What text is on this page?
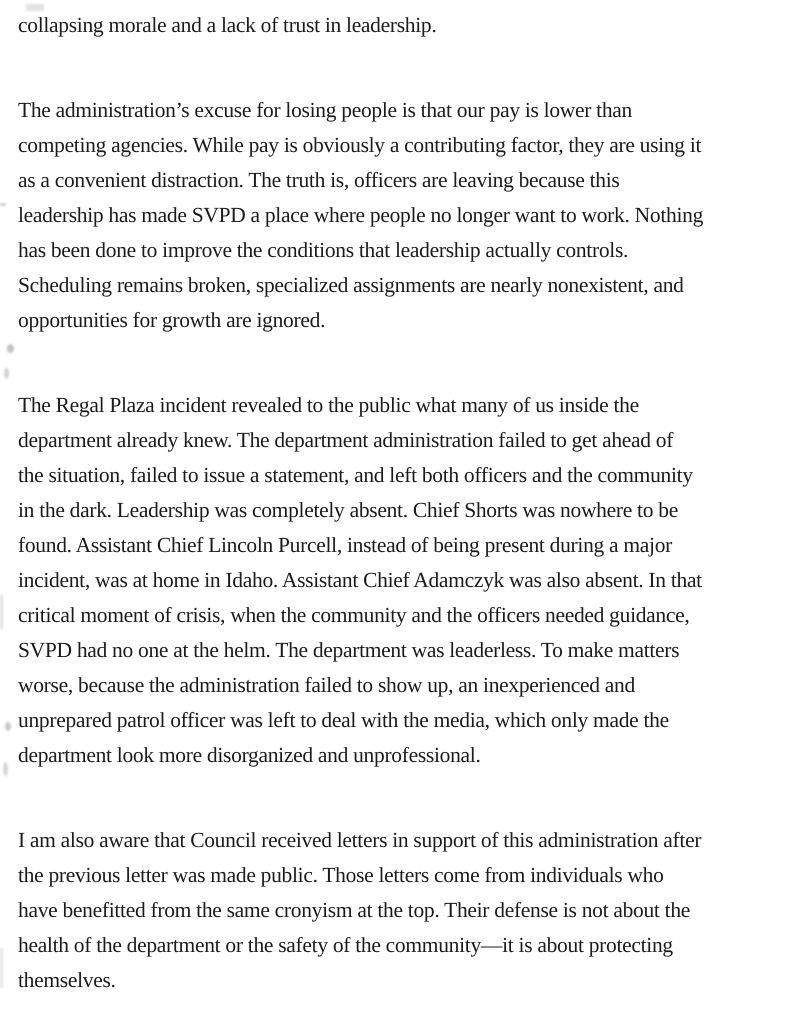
collapsing morale and a lack of trust in leadership.
The administration’s excuse for losing people is that our pay is lower than
competing agencies. While pay is obviously a contributing factor, they are using it
as a convenient distraction. The truth is, officers are leaving because this
leadership has made SVPD a place where people no longer want to work. Nothing
has been done to improve the conditions that leadership actually controls.
Scheduling remains broken, specialized assignments are nearly nonexistent, and
opportunities for growth are ignored.
The Regal Plaza incident revealed to the public what many of us inside the
department already knew. The department administration failed to get ahead of
the situation, failed to issue a statement, and left both officers and the community
in the dark. Leadership was completely absent. Chief Shorts was nowhere to be
found. Assistant Chief Lincoln Purcell, instead of being present during a major
incident, was at home in Idaho. Assistant Chief Adamczyk was also absent. In that
critical moment of crisis, when the community and the officers needed guidance,
SVPD had no one at the helm. The department was leaderless. To make matters
worse, because the administration failed to show up, an inexperienced and
unprepared patrol officer was left to deal with the media, which only made the
department look more disorganized and unprofessional.
I am also aware that Council received letters in support of this administration after
the previous letter was made public. Those letters come from individuals who
have benefitted from the same cronyism at the top. Their defense is not about the
health of the department or the safety of the community—it is about protecting
themselves.
